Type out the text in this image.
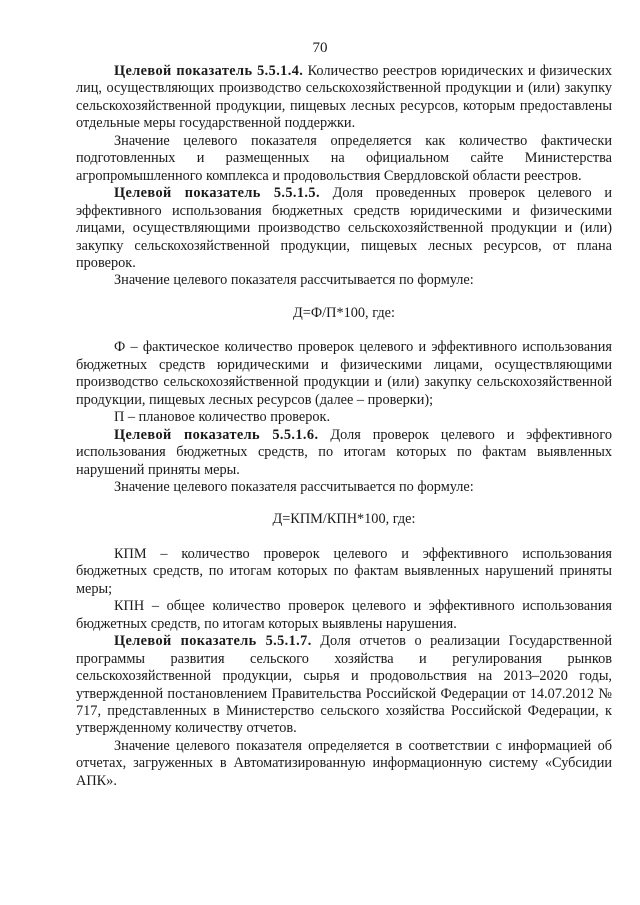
70

Целевой показатель 5.5.1.4. Количество реестров юридических и физических лиц, осуществляющих производство сельскохозяйственной продукции и (или) закупку сельскохозяйственной продукции, пищевых лесных ресурсов, которым предоставлены отдельные меры государственной поддержки.

Значение целевого показателя определяется как количество фактически подготовленных и размещенных на официальном сайте Министерства агропромышленного комплекса и продовольствия Свердловской области реестров.

Целевой показатель 5.5.1.5. Доля проведенных проверок целевого и эффективного использования бюджетных средств юридическими и физическими лицами, осуществляющими производство сельскохозяйственной продукции и (или) закупку сельскохозяйственной продукции, пищевых лесных ресурсов, от плана проверок.

Значение целевого показателя рассчитывается по формуле:

Д=Ф/П*100, где:

Ф – фактическое количество проверок целевого и эффективного использования бюджетных средств юридическими и физическими лицами, осуществляющими производство сельскохозяйственной продукции и (или) закупку сельскохозяйственной продукции, пищевых лесных ресурсов (далее – проверки);

П – плановое количество проверок.

Целевой показатель 5.5.1.6. Доля проверок целевого и эффективного использования бюджетных средств, по итогам которых по фактам выявленных нарушений приняты меры.

Значение целевого показателя рассчитывается по формуле:

Д=КПМ/КПН*100, где:

КПМ – количество проверок целевого и эффективного использования бюджетных средств, по итогам которых по фактам выявленных нарушений приняты меры;

КПН – общее количество проверок целевого и эффективного использования бюджетных средств, по итогам которых выявлены нарушения.

Целевой показатель 5.5.1.7. Доля отчетов о реализации Государственной программы развития сельского хозяйства и регулирования рынков сельскохозяйственной продукции, сырья и продовольствия на 2013–2020 годы, утвержденной постановлением Правительства Российской Федерации от 14.07.2012 № 717, представленных в Министерство сельского хозяйства Российской Федерации, к утвержденному количеству отчетов.

Значение целевого показателя определяется в соответствии с информацией об отчетах, загруженных в Автоматизированную информационную систему «Субсидии АПК».
